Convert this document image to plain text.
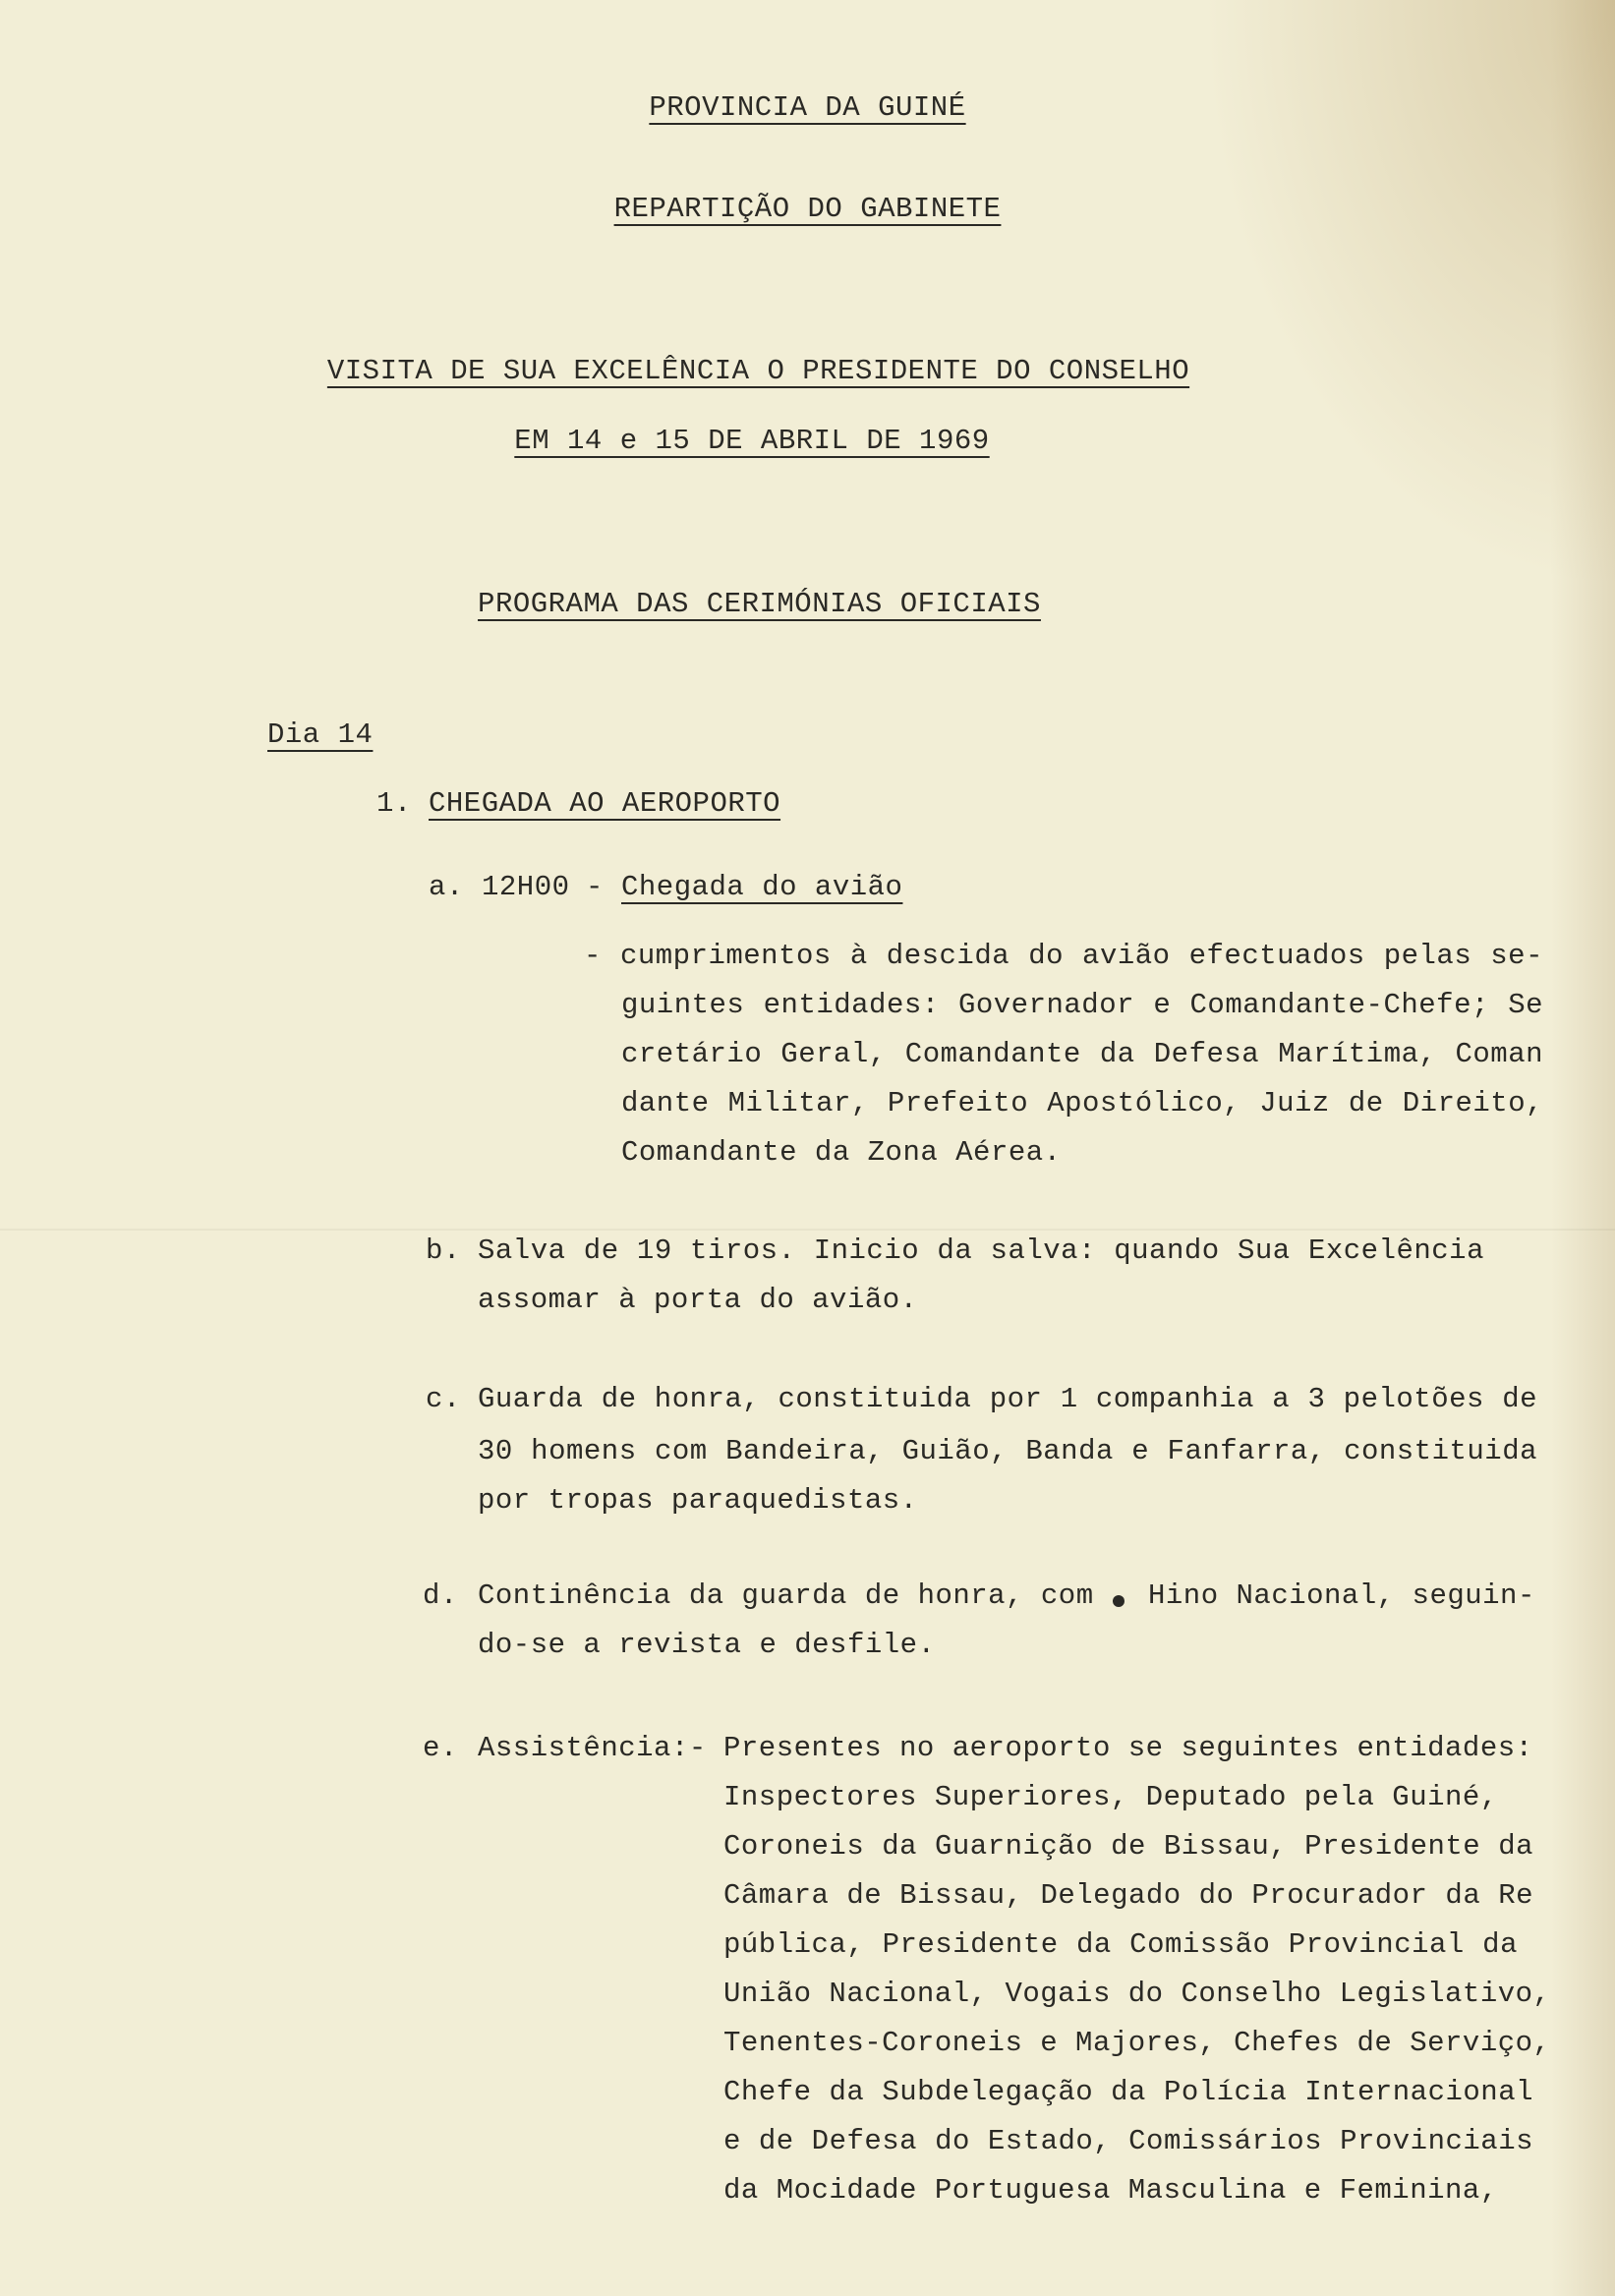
PROVINCIA DA GUINÉ
REPARTIÇÃO DO GABINETE
VISITA DE SUA EXCELÊNCIA O PRESIDENTE DO CONSELHO
EM 14 e 15 DE ABRIL DE 1969
PROGRAMA DAS CERIMÓNIAS OFICIAIS
Dia 14
1. CHEGADA AO AEROPORTO
a. 12H00 - Chegada do avião
- cumprimentos à descida do avião efectuados pelas se-
guintes entidades: Governador e Comandante-Chefe; Se
cretário Geral, Comandante da Defesa Marítima, Coman
dante Militar, Prefeito Apostólico, Juiz de Direito,
Comandante da Zona Aérea.
b. Salva de 19 tiros. Inicio da salva: quando Sua Excelência
assomar à porta do avião.
c. Guarda de honra, constituida por 1 companhia a 3 pelotões de
30 homens com Bandeira, Guião, Banda e Fanfarra, constituida
por tropas paraquedistas.
d. Continência da guarda de honra, com Hino Nacional, seguin-
do-se a revista e desfile.
e. Assistência:- Presentes no aeroporto se seguintes entidades:
Inspectores Superiores, Deputado pela Guiné,
Coroneis da Guarnição de Bissau, Presidente da
Câmara de Bissau, Delegado do Procurador da Re
pública, Presidente da Comissão Provincial da
União Nacional, Vogais do Conselho Legislativo,
Tenentes-Coroneis e Majores, Chefes de Serviço,
Chefe da Subdelegação da Polícia Internacional
e de Defesa do Estado, Comissários Provinciais
da Mocidade Portuguesa Masculina e Feminina,
